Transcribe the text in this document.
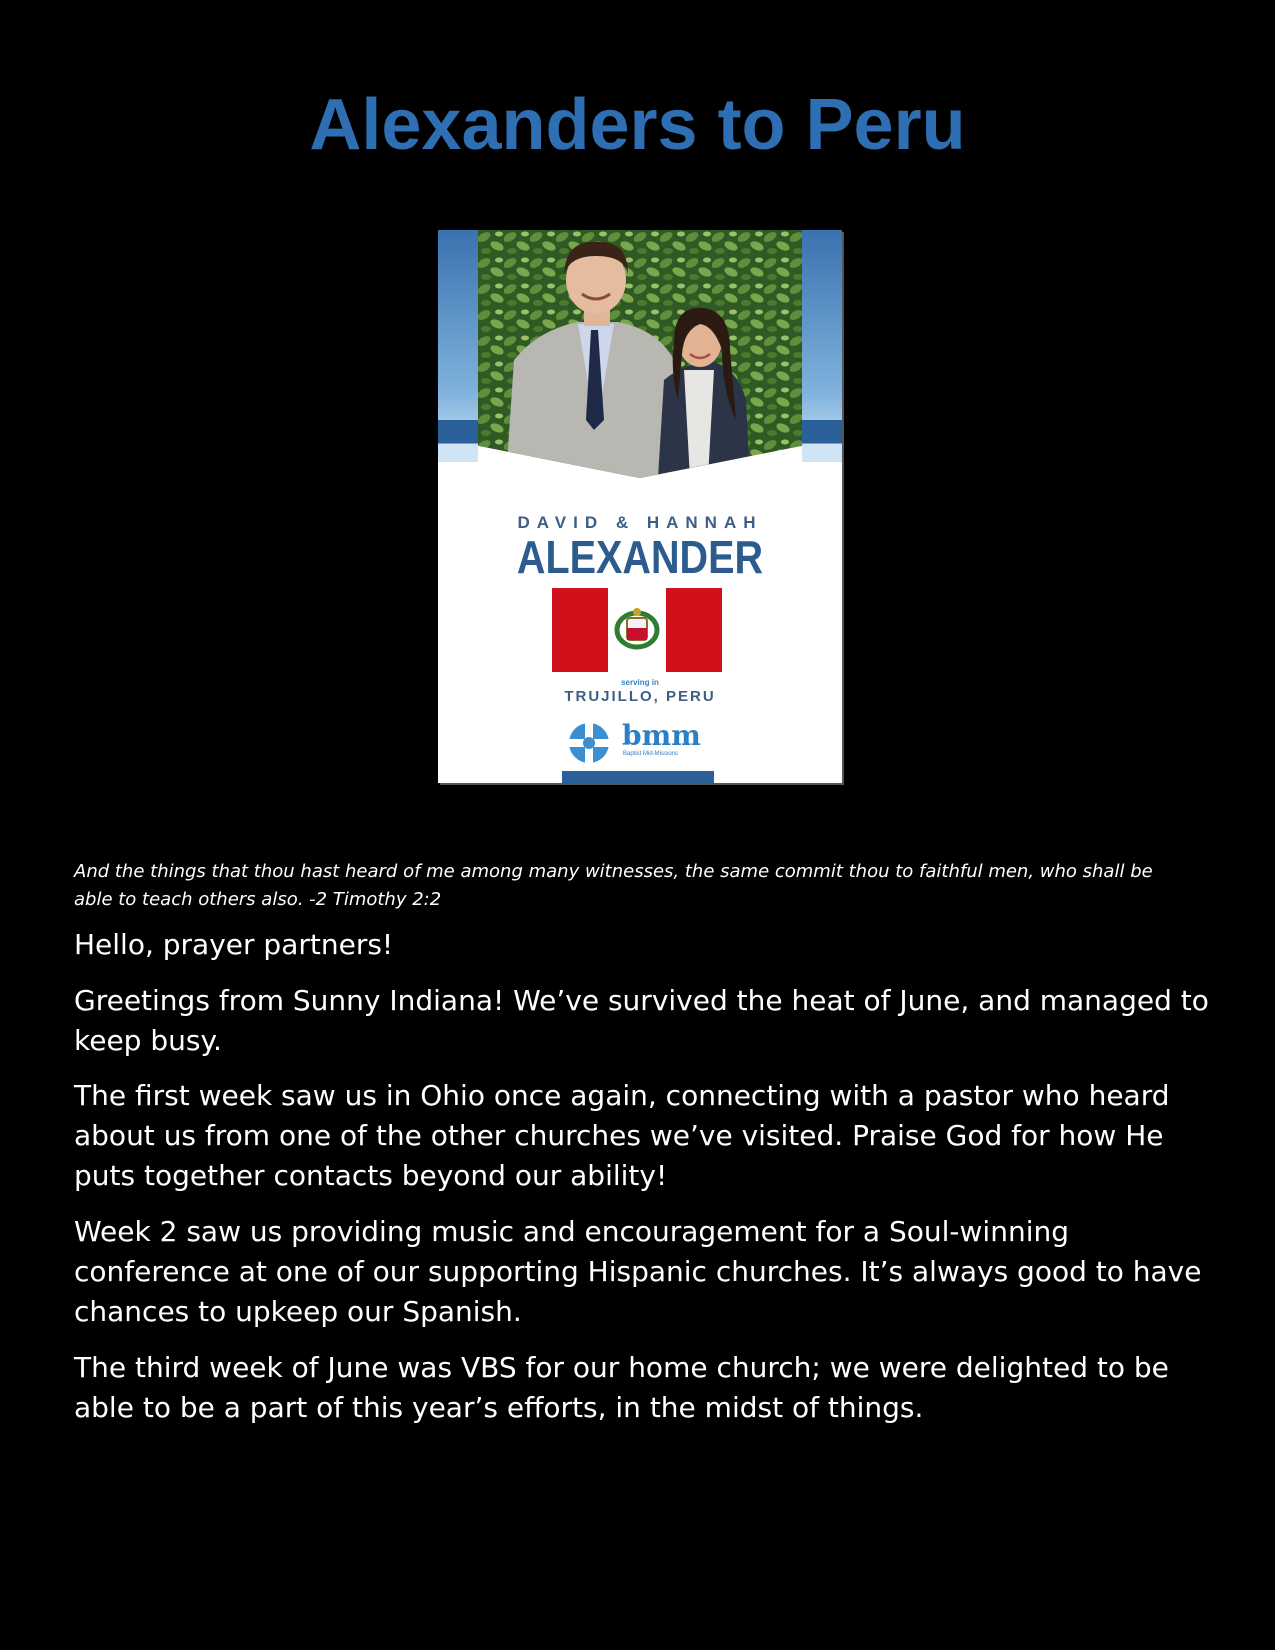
Alexanders to Peru
DAVID & HANNAH
ALEXANDER
serving in
TRUJILLO, PERU
bmm
Baptist Mid-Missions

And the things that thou hast heard of me among many witnesses, the same commit thou to faithful men, who shall be able to teach others also. -2 Timothy 2:2

Hello, prayer partners!

Greetings from Sunny Indiana! We’ve survived the heat of June, and managed to keep busy.

The first week saw us in Ohio once again, connecting with a pastor who heard about us from one of the other churches we’ve visited. Praise God for how He puts together contacts beyond our ability!

Week 2 saw us providing music and encouragement for a Soul-winning conference at one of our supporting Hispanic churches. It’s always good to have chances to upkeep our Spanish.

The third week of June was VBS for our home church; we were delighted to be able to be a part of this year’s efforts, in the midst of things.
